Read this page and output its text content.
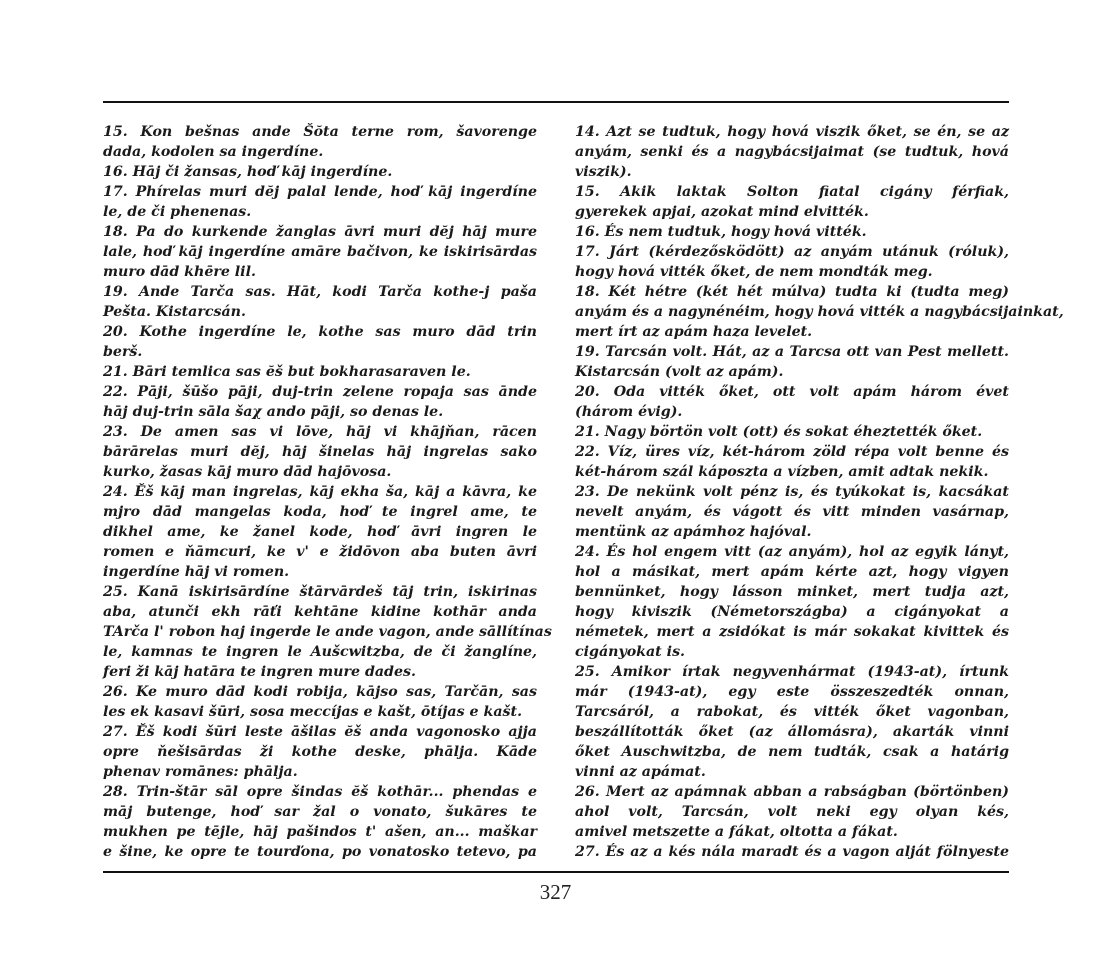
15. Kon bešnas ande Šŏta terne rom, šavorenge
dada, kodolen sa ingerdíne.
16. Hāj či žansas, hoď kāj ingerdíne.
17. Phírelas muri dĕj palal lende, hoď kāj ingerdíne
le, de či phenenas.
18. Pa do kurkende žanglas āvri muri dĕj hāj mure
lale, hoď kāj ingerdíne amāre bačivon, ke iskirisārdas
muro dād khēre lil.
19. Ande Tarča sas. Hāt, kodi Tarča kothe-j paša
Pešta. Kistarcsán.
20. Kothe ingerdíne le, kothe sas muro dād trin
berš.
21. Bāri temlica sas ĕš but bokharasaraven le.
22. Pāji, šūšo pāji, duj-trin zelene ropaja sas ānde
hāj duj-trin sāla šaχ ando pāji, so denas le.
23. De amen sas vi lōve, hāj vi khājňan, rācen
bārārelas muri dĕj, hāj šinelas hāj ingrelas sako
kurko, žasas kāj muro dād hajōvosa.
24. Ĕš kāj man ingrelas, kāj ekha ša, kāj a kāvra, ke
mjro dād mangelas koda, hoď te ingrel ame, te
dikhel ame, ke žanel kode, hoď āvri ingren le
romen e ňāmcuri, ke v' e židōvon aba buten āvri
ingerdíne hāj vi romen.
25. Kanā iskirisārdíne štārvārdeš tāj trin, iskirinas
aba, atunči ekh rāťi kehtāne kidine kothār anda
TArča l' robon haj ingerde le ande vagon, ande sāllítínas
le, kamnas te ingren le Aušcwitzba, de či žanglíne,
feri ži kāj hatāra te ingren mure dades.
26. Ke muro dād kodi robija, kājso sas, Tarčān, sas
les ek kasavi šūri, sosa meccíjas e kašt, ōtíjas e kašt.
27. Ĕš kodi šūri leste āšilas ĕš anda vagonosko ajja
opre ňešisārdas ži kothe deske, phālja. Kāde
phenav romānes: phālja.
28. Trin-štār sāl opre šindas ĕš kothār... phendas e
māj butenge, hoď sar žal o vonato, šukāres te
mukhen pe tējle, hāj pašindos t' ašen, an... maškar
e šine, ke opre te tourďona, po vonatosko tetevo, pa
14. Azt se tudtuk, hogy hová viszik őket, se én, se az
anyám, senki és a nagybácsijaimat (se tudtuk, hová
viszik).
15. Akik laktak Solton fiatal cigány férfiak,
gyerekek apjai, azokat mind elvitték.
16. És nem tudtuk, hogy hová vitték.
17. Járt (kérdezősködött) az anyám utánuk (róluk),
hogy hová vitték őket, de nem mondták meg.
18. Két hétre (két hét múlva) tudta ki (tudta meg)
anyám és a nagynénéim, hogy hová vitték a nagybácsijainkat,
mert írt az apám haza levelet.
19. Tarcsán volt. Hát, az a Tarcsa ott van Pest mellett.
Kistarcsán (volt az apám).
20. Oda vitték őket, ott volt apám három évet
(három évig).
21. Nagy börtön volt (ott) és sokat éheztették őket.
22. Víz, üres víz, két-három zöld répa volt benne és
két-három szál káposzta a vízben, amit adtak nekik.
23. De nekünk volt pénz is, és tyúkokat is, kacsákat
nevelt anyám, és vágott és vitt minden vasárnap,
mentünk az apámhoz hajóval.
24. És hol engem vitt (az anyám), hol az egyik lányt,
hol a másikat, mert apám kérte azt, hogy vigyen
bennünket, hogy lásson minket, mert tudja azt,
hogy kiviszik (Németországba) a cigányokat a
németek, mert a zsidókat is már sokakat kivittek és
cigányokat is.
25. Amikor írtak negyvenhármat (1943-at), írtunk
már (1943-at), egy este összeszedték onnan,
Tarcsáról, a rabokat, és vitték őket vagonban,
beszállították őket (az állomásra), akarták vinni
őket Auschwitzba, de nem tudták, csak a határig
vinni az apámat.
26. Mert az apámnak abban a rabságban (börtönben)
ahol volt, Tarcsán, volt neki egy olyan kés,
amivel metszette a fákat, oltotta a fákat.
27. És az a kés nála maradt és a vagon alját fölnyeste
327
